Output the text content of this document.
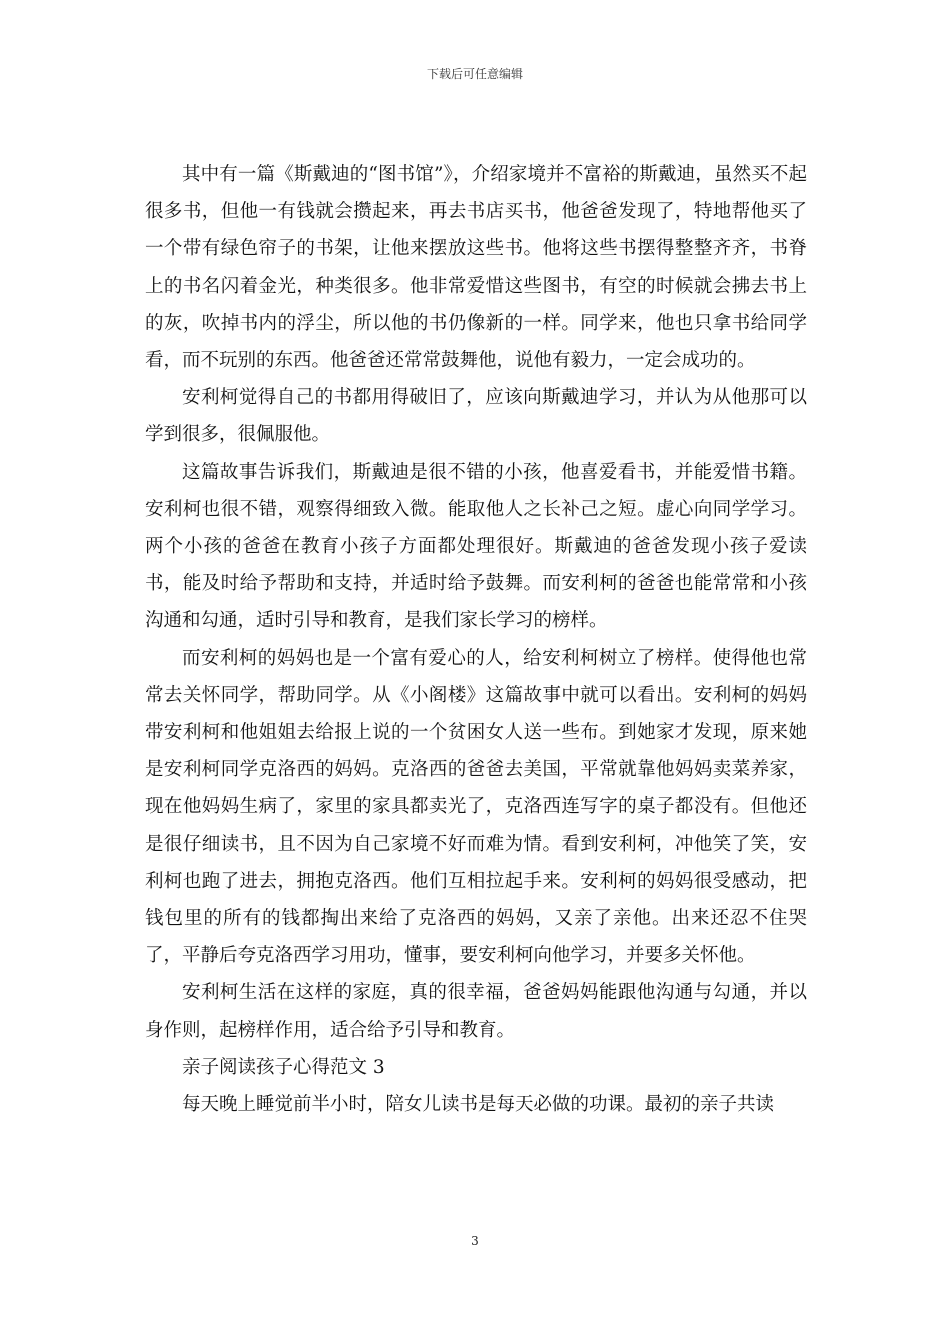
下载后可任意编辑

其中有一篇《斯戴迪的“图书馆”》，介绍家境并不富裕的斯戴迪，虽然买不起很多书，但他一有钱就会攒起来，再去书店买书，他爸爸发现了，特地帮他买了一个带有绿色帘子的书架，让他来摆放这些书。他将这些书摆得整整齐齐，书脊上的书名闪着金光，种类很多。他非常爱惜这些图书，有空的时候就会拂去书上的灰，吹掉书内的浮尘，所以他的书仍像新的一样。同学来，他也只拿书给同学看，而不玩别的东西。他爸爸还常常鼓舞他，说他有毅力，一定会成功的。

安利柯觉得自己的书都用得破旧了，应该向斯戴迪学习，并认为从他那可以学到很多，很佩服他。

这篇故事告诉我们，斯戴迪是很不错的小孩，他喜爱看书，并能爱惜书籍。安利柯也很不错，观察得细致入微。能取他人之长补己之短。虚心向同学学习。两个小孩的爸爸在教育小孩子方面都处理很好。斯戴迪的爸爸发现小孩子爱读书，能及时给予帮助和支持，并适时给予鼓舞。而安利柯的爸爸也能常常和小孩沟通和勾通，适时引导和教育，是我们家长学习的榜样。

而安利柯的妈妈也是一个富有爱心的人，给安利柯树立了榜样。使得他也常常去关怀同学，帮助同学。从《小阁楼》这篇故事中就可以看出。安利柯的妈妈带安利柯和他姐姐去给报上说的一个贫困女人送一些布。到她家才发现，原来她是安利柯同学克洛西的妈妈。克洛西的爸爸去美国，平常就靠他妈妈卖菜养家，现在他妈妈生病了，家里的家具都卖光了，克洛西连写字的桌子都没有。但他还是很仔细读书，且不因为自己家境不好而难为情。看到安利柯，冲他笑了笑，安利柯也跑了进去，拥抱克洛西。他们互相拉起手来。安利柯的妈妈很受感动，把钱包里的所有的钱都掏出来给了克洛西的妈妈，又亲了亲他。出来还忍不住哭了，平静后夸克洛西学习用功，懂事，要安利柯向他学习，并要多关怀他。

安利柯生活在这样的家庭，真的很幸福，爸爸妈妈能跟他沟通与勾通，并以身作则，起榜样作用，适合给予引导和教育。

亲子阅读孩子心得范文 3

每天晚上睡觉前半小时，陪女儿读书是每天必做的功课。最初的亲子共读

3
